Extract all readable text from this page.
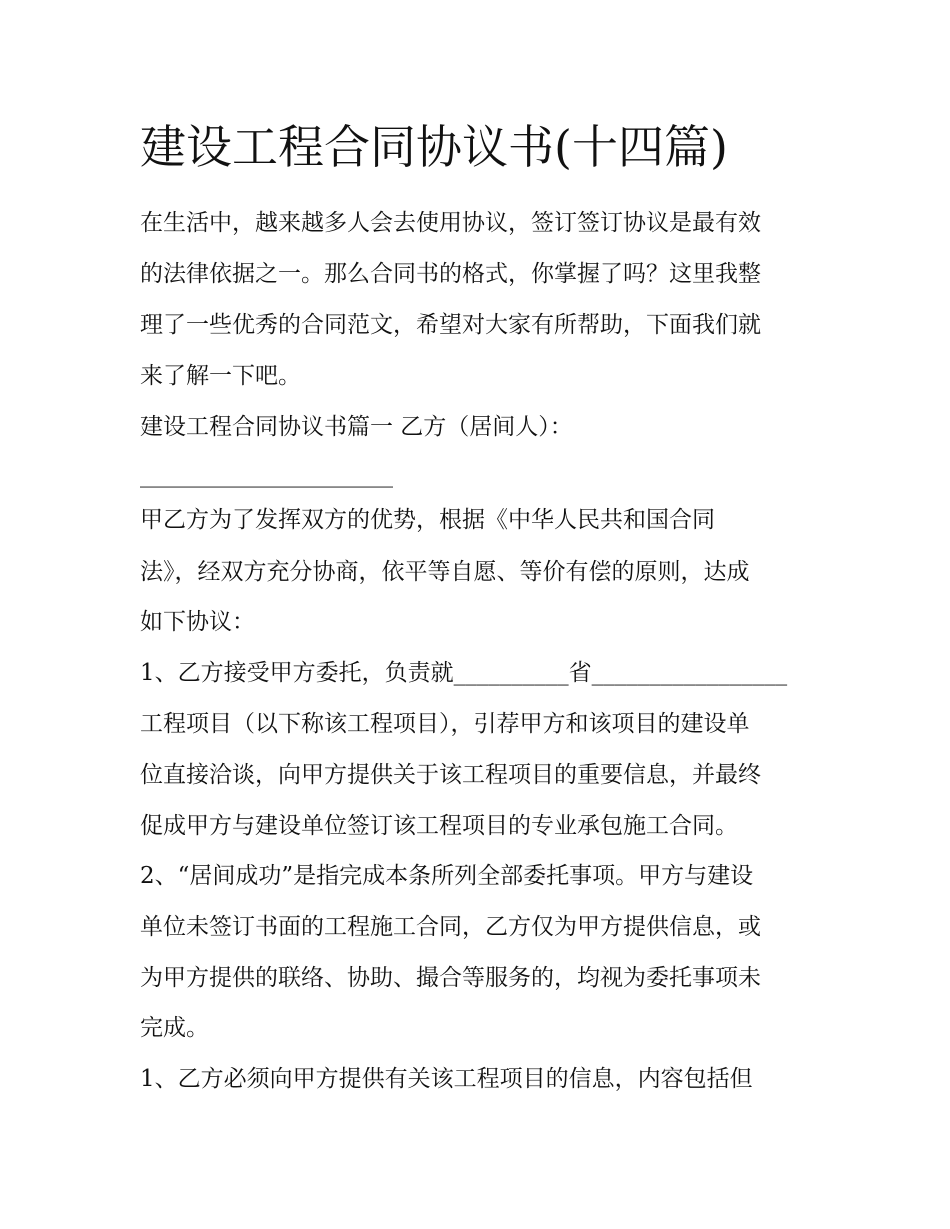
建设工程合同协议书(十四篇)

在生活中，越来越多人会去使用协议，签订签订协议是最有效

的法律依据之一。那么合同书的格式，你掌握了吗？这里我整

理了一些优秀的合同范文，希望对大家有所帮助，下面我们就

来了解一下吧。

建设工程合同协议书篇一 乙方（居间人）：

______________________

甲乙方为了发挥双方的优势，根据《中华人民共和国合同

法》，经双方充分协商，依平等自愿、等价有偿的原则，达成

如下协议：

1、乙方接受甲方委托，负责就__________省_________________

工程项目（以下称该工程项目），引荐甲方和该项目的建设单

位直接洽谈，向甲方提供关于该工程项目的重要信息，并最终

促成甲方与建设单位签订该工程项目的专业承包施工合同。

2、“居间成功”是指完成本条所列全部委托事项。甲方与建设

单位未签订书面的工程施工合同，乙方仅为甲方提供信息，或

为甲方提供的联络、协助、撮合等服务的，均视为委托事项未

完成。

1、乙方必须向甲方提供有关该工程项目的信息，内容包括但
